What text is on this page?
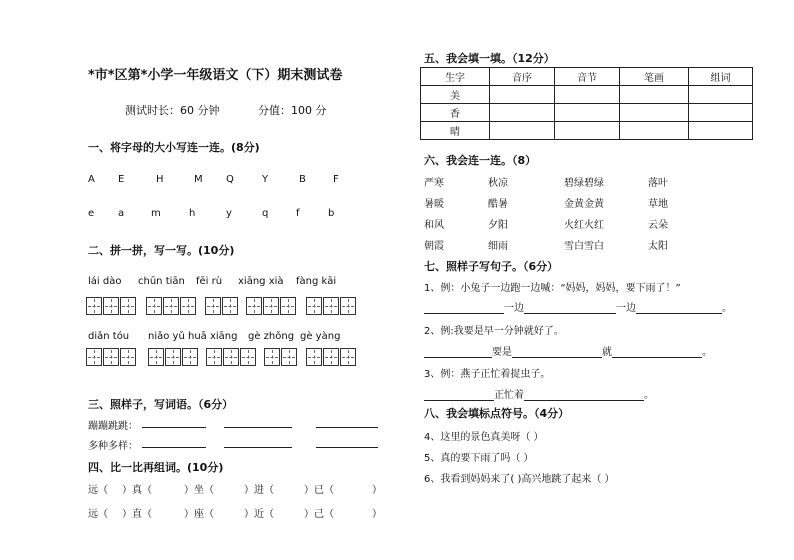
*市*区第*小学一年级语文（下）期末测试卷
测试时长：60 分钟	分值：100 分
一、将字母的大小写连一连。(8分)
A E	H	M Q	Y	B	F
e a	m	h	y	q	f	b
二、拼一拼，写一写。(10分)
lái dào chūn tiān fēi rù xiāng xià fàng kāi
diǎn tóu niǎo yǔ huā xiāng gè zhǒng gè yàng
三、照样子，写词语。（6分）
蹦蹦跳跳：
多种多样：
四、比一比再组词。(10分)
远（ ）真（	）坐（	）进（	）已（	）
远（ ）直（	）座（	）近（	）己（	）
五、我会填一填。（12分）
生字	音序	音节	笔画	组词
美				
香				
晴				
六、我会连一连。（8）
严寒	秋凉	碧绿碧绿	落叶
暑暖	酷暑	金黄金黄	草地
和风	夕阳	火红火红	云朵
朝霞	细雨	雪白雪白	太阳
七、照样子写句子。（6分）
1、例：小兔子一边跑一边喊：“妈妈，妈妈，要下雨了！”
一边	一边	。
2、例:我要是早一分钟就好了。
要是	就	。
3、例：燕子正忙着捉虫子。
正忙着	。
八、我会填标点符号。（4分）
4、这里的景色真美呀（ ）
5、真的要下雨了吗（ ）
6、我看到妈妈来了( )高兴地跳了起来（ ）
